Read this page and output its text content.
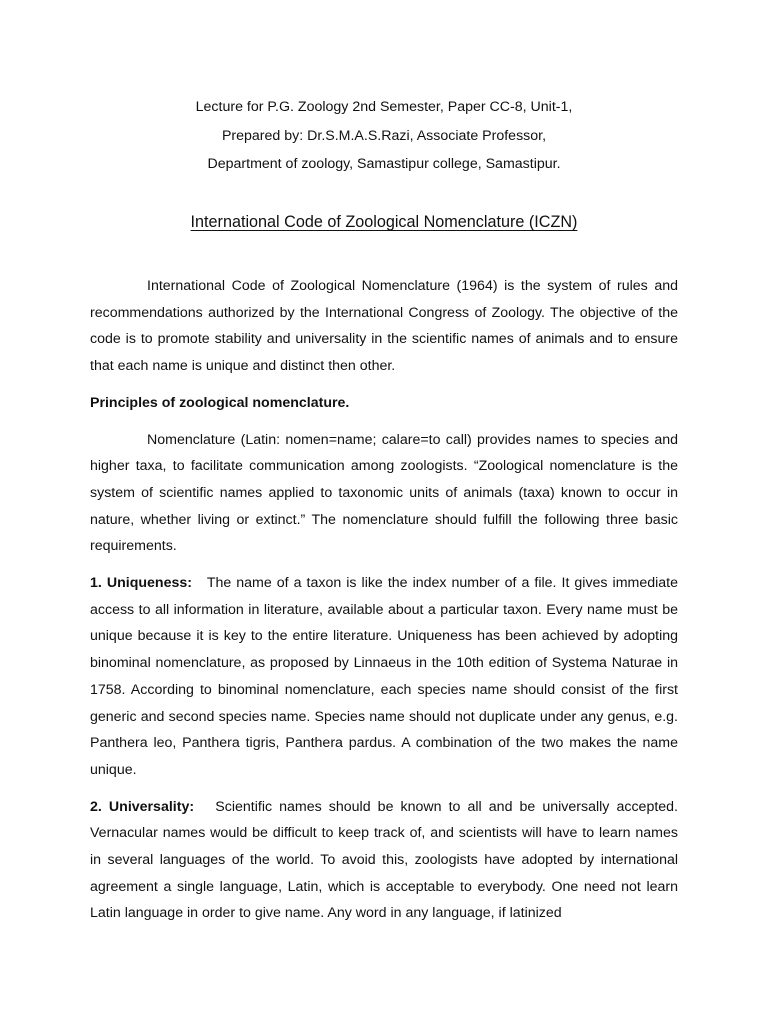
Lecture for P.G. Zoology 2nd Semester, Paper CC-8, Unit-1,
Prepared by: Dr.S.M.A.S.Razi, Associate Professor,
Department of zoology, Samastipur college, Samastipur.
International Code of Zoological Nomenclature (ICZN)

International Code of Zoological Nomenclature (1964) is the system of rules and recommendations authorized by the International Congress of Zoology. The objective of the code is to promote stability and universality in the scientific names of animals and to ensure that each name is unique and distinct then other.

Principles of zoological nomenclature.

Nomenclature (Latin: nomen=name; calare=to call) provides names to species and higher taxa, to facilitate communication among zoologists. “Zoological nomenclature is the system of scientific names applied to taxonomic units of animals (taxa) known to occur in nature, whether living or extinct.” The nomenclature should fulfill the following three basic requirements.

1. Uniqueness: The name of a taxon is like the index number of a file. It gives immediate access to all information in literature, available about a particular taxon. Every name must be unique because it is key to the entire literature. Uniqueness has been achieved by adopting binominal nomenclature, as proposed by Linnaeus in the 10th edition of Systema Naturae in 1758. According to binominal nomenclature, each species name should consist of the first generic and second species name. Species name should not duplicate under any genus, e.g. Panthera leo, Panthera tigris, Panthera pardus. A combination of the two makes the name unique.

2. Universality: Scientific names should be known to all and be universally accepted. Vernacular names would be difficult to keep track of, and scientists will have to learn names in several languages of the world. To avoid this, zoologists have adopted by international agreement a single language, Latin, which is acceptable to everybody. One need not learn Latin language in order to give name. Any word in any language, if latinized
